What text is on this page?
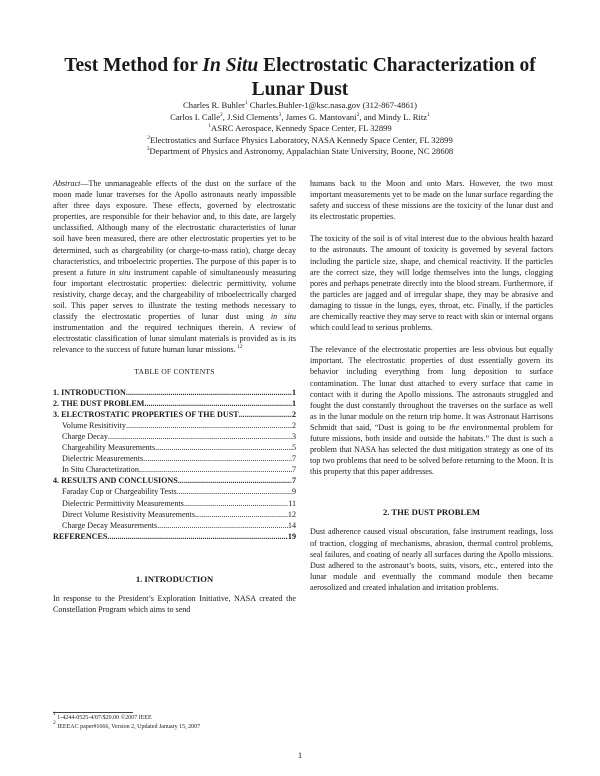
Test Method for In Situ Electrostatic Characterization of
Lunar Dust
Charles R. Buhler$^1$ Charles.Buhler-1@ksc.nasa.gov (312-867-4861)
Carlos I. Calle$^2$, J.Sid Clements$^3$, James G. Mantovani$^2$, and Mindy L. Ritz$^1$
$^1$ASRC Aerospace, Kennedy Space Center, FL 32899
$^2$Electrostatics and Surface Physics Laboratory, NASA Kennedy Space Center, FL 32899
$^3$Department of Physics and Astronomy, Appalachian State University, Boone, NC 28608

Abstract—The unmanageable effects of the dust on the surface of the moon made lunar traverses for the Apollo astronauts nearly impossible after three days exposure. These effects, governed by electrostatic properties, are responsible for their behavior and, to this date, are largely unclassified. Although many of the electrostatic characteristics of lunar soil have been measured, there are other electrostatic properties yet to be determined, such as chargeability (or charge-to-mass ratio), charge decay characteristics, and triboelectric properties. The purpose of this paper is to present a future in situ instrument capable of simultaneously measuring four important electrostatic properties: dielectric permittivity, volume resistivity, charge decay, and the chargeability of triboelectrically charged soil. This paper serves to illustrate the testing methods necessary to classify the electrostatic properties of lunar dust using in situ instrumentation and the required techniques therein. A review of electrostatic classification of lunar simulant materials is provided as is its relevance to the success of future human lunar missions. $^{12}$

TABLE OF CONTENTS
1. INTRODUCTION .....	1
2. THE DUST PROBLEM .....	1
3. ELECTROSTATIC PROPERTIES OF THE DUST .....	2
Volume Resisitivity .....	2
Charge Decay .....	3
Chargeability Measurements .....	5
Dielectric Measurements .....	7
In Situ Charactetization .....	7
4. RESULTS AND CONCLUSIONS .....	7
Faraday Cup or Chargeability Tests .....	9
Dielectric Permittivity Measurements .....	11
Direct Volume Resistivity Measurements .....	12
Charge Decay Measurements .....	14
REFERENCES .....	19
1. INTRODUCTION

In response to the President’s Exploration Initiative, NASA created the Constellation Program which aims to send

humans back to the Moon and onto Mars. However, the two most important measurements yet to be made on the lunar surface regarding the safety and success of these missions are the toxicity of the lunar dust and its electrostatic properties.

The toxicity of the soil is of vital interest due to the obvious health hazard to the astronauts. The amount of toxicity is governed by several factors including the particle size, shape, and chemical reactivity. If the particles are the correct size, they will lodge themselves into the lungs, clogging pores and perhaps penetrate directly into the blood stream. Furthermore, if the particles are jagged and of irregular shape, they may be abrasive and damaging to tissue in the lungs, eyes, throat, etc. Finally, if the particles are chemically reactive they may serve to react with skin or internal organs which could lead to serious problems.

The relevance of the electrostatic properties are less obvious but equally important. The electrostatic properties of dust essentially govern its behavior including everything from lung deposition to surface contamination. The lunar dust attached to every surface that came in contact with it during the Apollo missions. The astronauts struggled and fought the dust constantly throughout the traverses on the surface as well as in the lunar module on the return trip home. It was Astronaut Harrisons Schmidt that said, “Dust is going to be the environmental problem for future missions, both inside and outside the habitats.” The dust is such a problem that NASA has selected the dust mitigation strategy as one of its top two problems that need to be solved before returning to the Moon. It is this property that this paper addresses.

2. THE DUST PROBLEM

Dust adherence caused visual obscuration, false instrument readings, loss of traction, clogging of mechanisms, abrasion, thermal control problems, seal failures, and coating of nearly all surfaces during the Apollo missions. Dust adhered to the astronaut’s boots, suits, visors, etc., entered into the lunar module and eventually the command module then became aerosolized and created inhalation and irritation problems.

$^1$ 1-4244-0525-4/07/$20.00 ©2007 IEEE
$^2$ IEEEAC paper#1666, Version 2, Updated January 15, 2007
1
